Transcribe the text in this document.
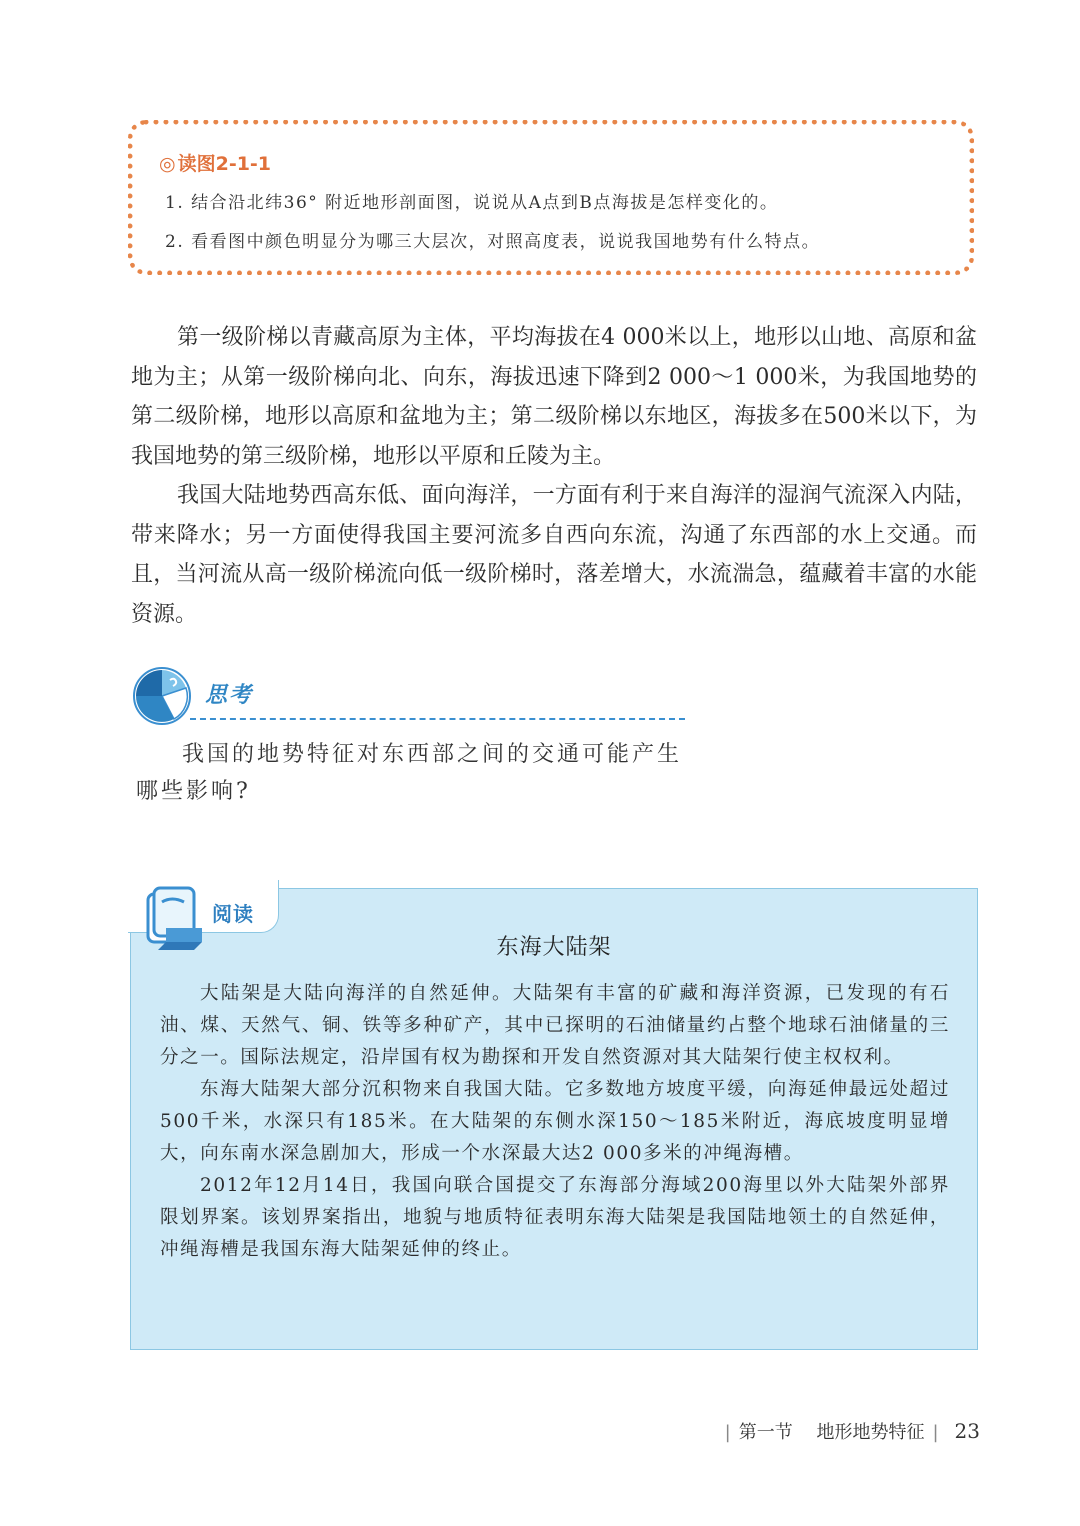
◎ 读图2-1-1
1. 结合沿北纬36° 附近地形剖面图，说说从A点到B点海拔是怎样变化的。
2. 看看图中颜色明显分为哪三大层次，对照高度表，说说我国地势有什么特点。

第一级阶梯以青藏高原为主体，平均海拔在4 000米以上，地形以山地、高原和盆地为主；从第一级阶梯向北、向东，海拔迅速下降到2 000～1 000米，为我国地势的第二级阶梯，地形以高原和盆地为主；第二级阶梯以东地区，海拔多在500米以下，为我国地势的第三级阶梯，地形以平原和丘陵为主。

我国大陆地势西高东低、面向海洋，一方面有利于来自海洋的湿润气流深入内陆，带来降水；另一方面使得我国主要河流多自西向东流，沟通了东西部的水上交通。而且，当河流从高一级阶梯流向低一级阶梯时，落差增大，水流湍急，蕴藏着丰富的水能资源。

思考
我国的地势特征对东西部之间的交通可能产生哪些影响?
阅读
东海大陆架

大陆架是大陆向海洋的自然延伸。大陆架有丰富的矿藏和海洋资源，已发现的有石油、煤、天然气、铜、铁等多种矿产，其中已探明的石油储量约占整个地球石油储量的三分之一。国际法规定，沿岸国有权为勘探和开发自然资源对其大陆架行使主权权利。

东海大陆架大部分沉积物来自我国大陆。它多数地方坡度平缓，向海延伸最远处超过500千米，水深只有185米。在大陆架的东侧水深150～185米附近，海底坡度明显增大，向东南水深急剧加大，形成一个水深最大达2 000多米的冲绳海槽。

2012年12月14日，我国向联合国提交了东海部分海域200海里以外大陆架外部界限划界案。该划界案指出，地貌与地质特征表明东海大陆架是我国陆地领土的自然延伸，冲绳海槽是我国东海大陆架延伸的终止。

| 第一节 地形地势特征 | 23
